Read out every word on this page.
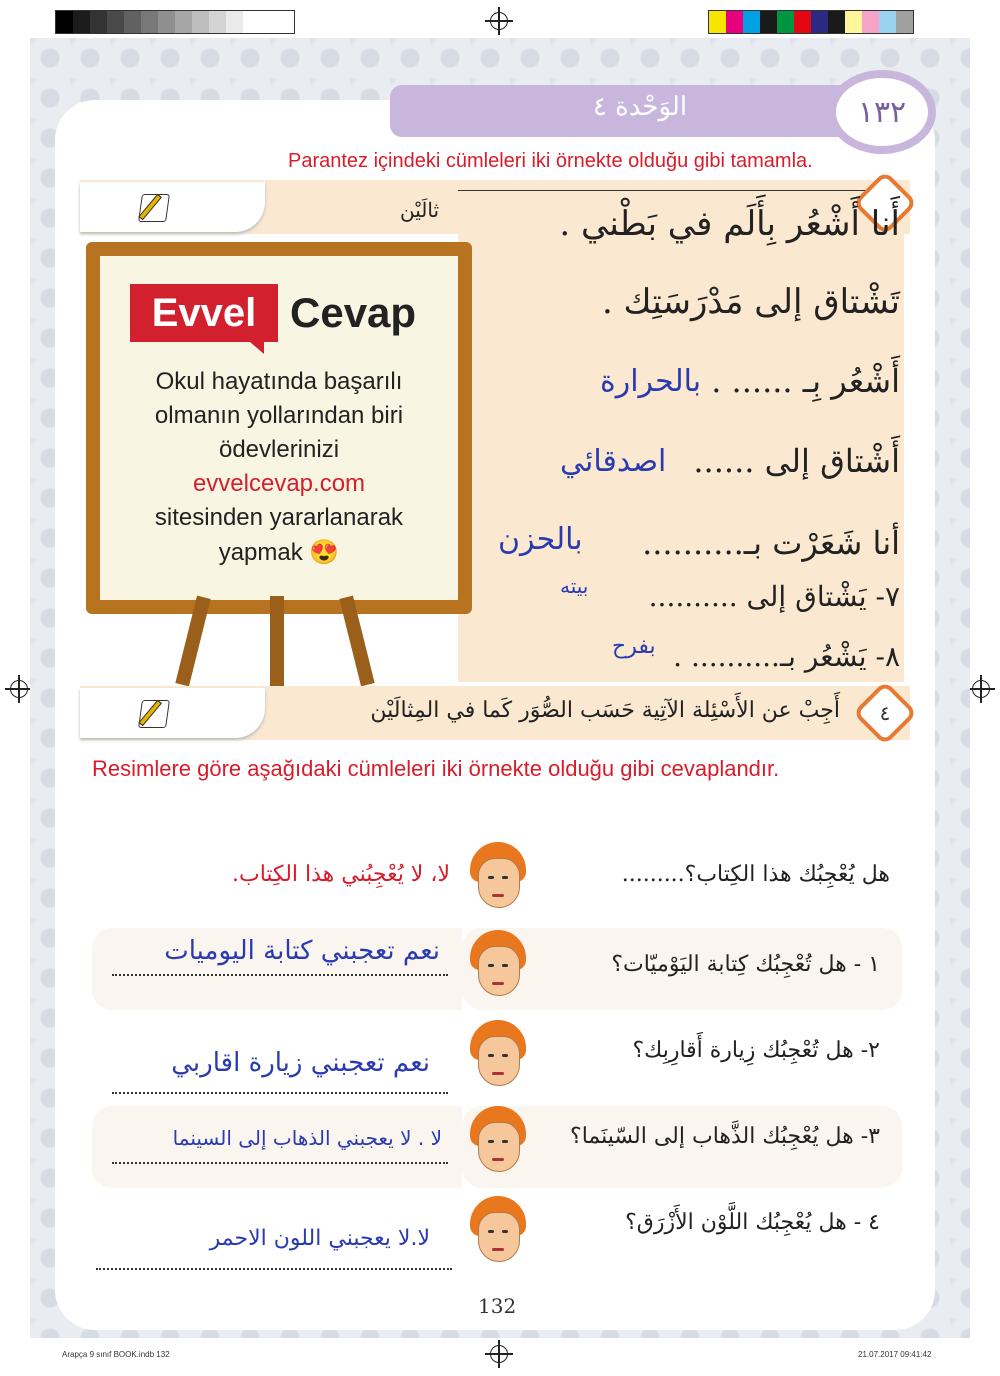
الوَحْدة ٤	١٣٢
Parantez içindeki cümleleri iki örnekte olduğu gibi tamamla.
ثالَيْن	أَنا أَشْعُر بِأَلَم في بَطْني .
تَشْتاق إلى مَدْرَسَتِك .
أَشْعُر بِـ ...... .
بالحرارة
أَشْتاق إلى ......
اصدقائي
أنا شَعَرْت بـ..........
بالحزن
٧- يَشْتاق إلى ..........
بيته
٨- يَشْعُر بـ.......... .
بفرح
Evvel Cevap
Okul hayatında başarılı
olmanın yollarından biri
ödevlerinizi
evvelcevap.com
sitesinden yararlanarak
yapmak 😍
أَجِبْ عن الأَسْئِلة الآتِية حَسَب الصُّوَر كَما في المِثالَيْن	٤
Resimlere göre aşağıdaki cümleleri iki örnekte olduğu gibi cevaplandır.
هل يُعْجِبُك هذا الكِتاب؟.........
لا، لا يُعْجِبُني هذا الكِتاب.
١ - هل تُعْجِبُك كِتابة اليَوْميّات؟
نعم تعجبني كتابة اليوميات
٢- هل تُعْجِبُك زِيارة أَقارِبِك؟
نعم تعجبني زيارة اقاربي
٣- هل يُعْجِبُك الذَّهاب إلى السّينَما؟
لا . لا يعجبني الذهاب إلى السينما
٤ - هل يُعْجِبُك اللَّوْن الأَزْرَق؟
لا.لا يعجبني اللون الاحمر
132
Arapça 9 sınıf BOOK.indb 132	21.07.2017 09:41:42
